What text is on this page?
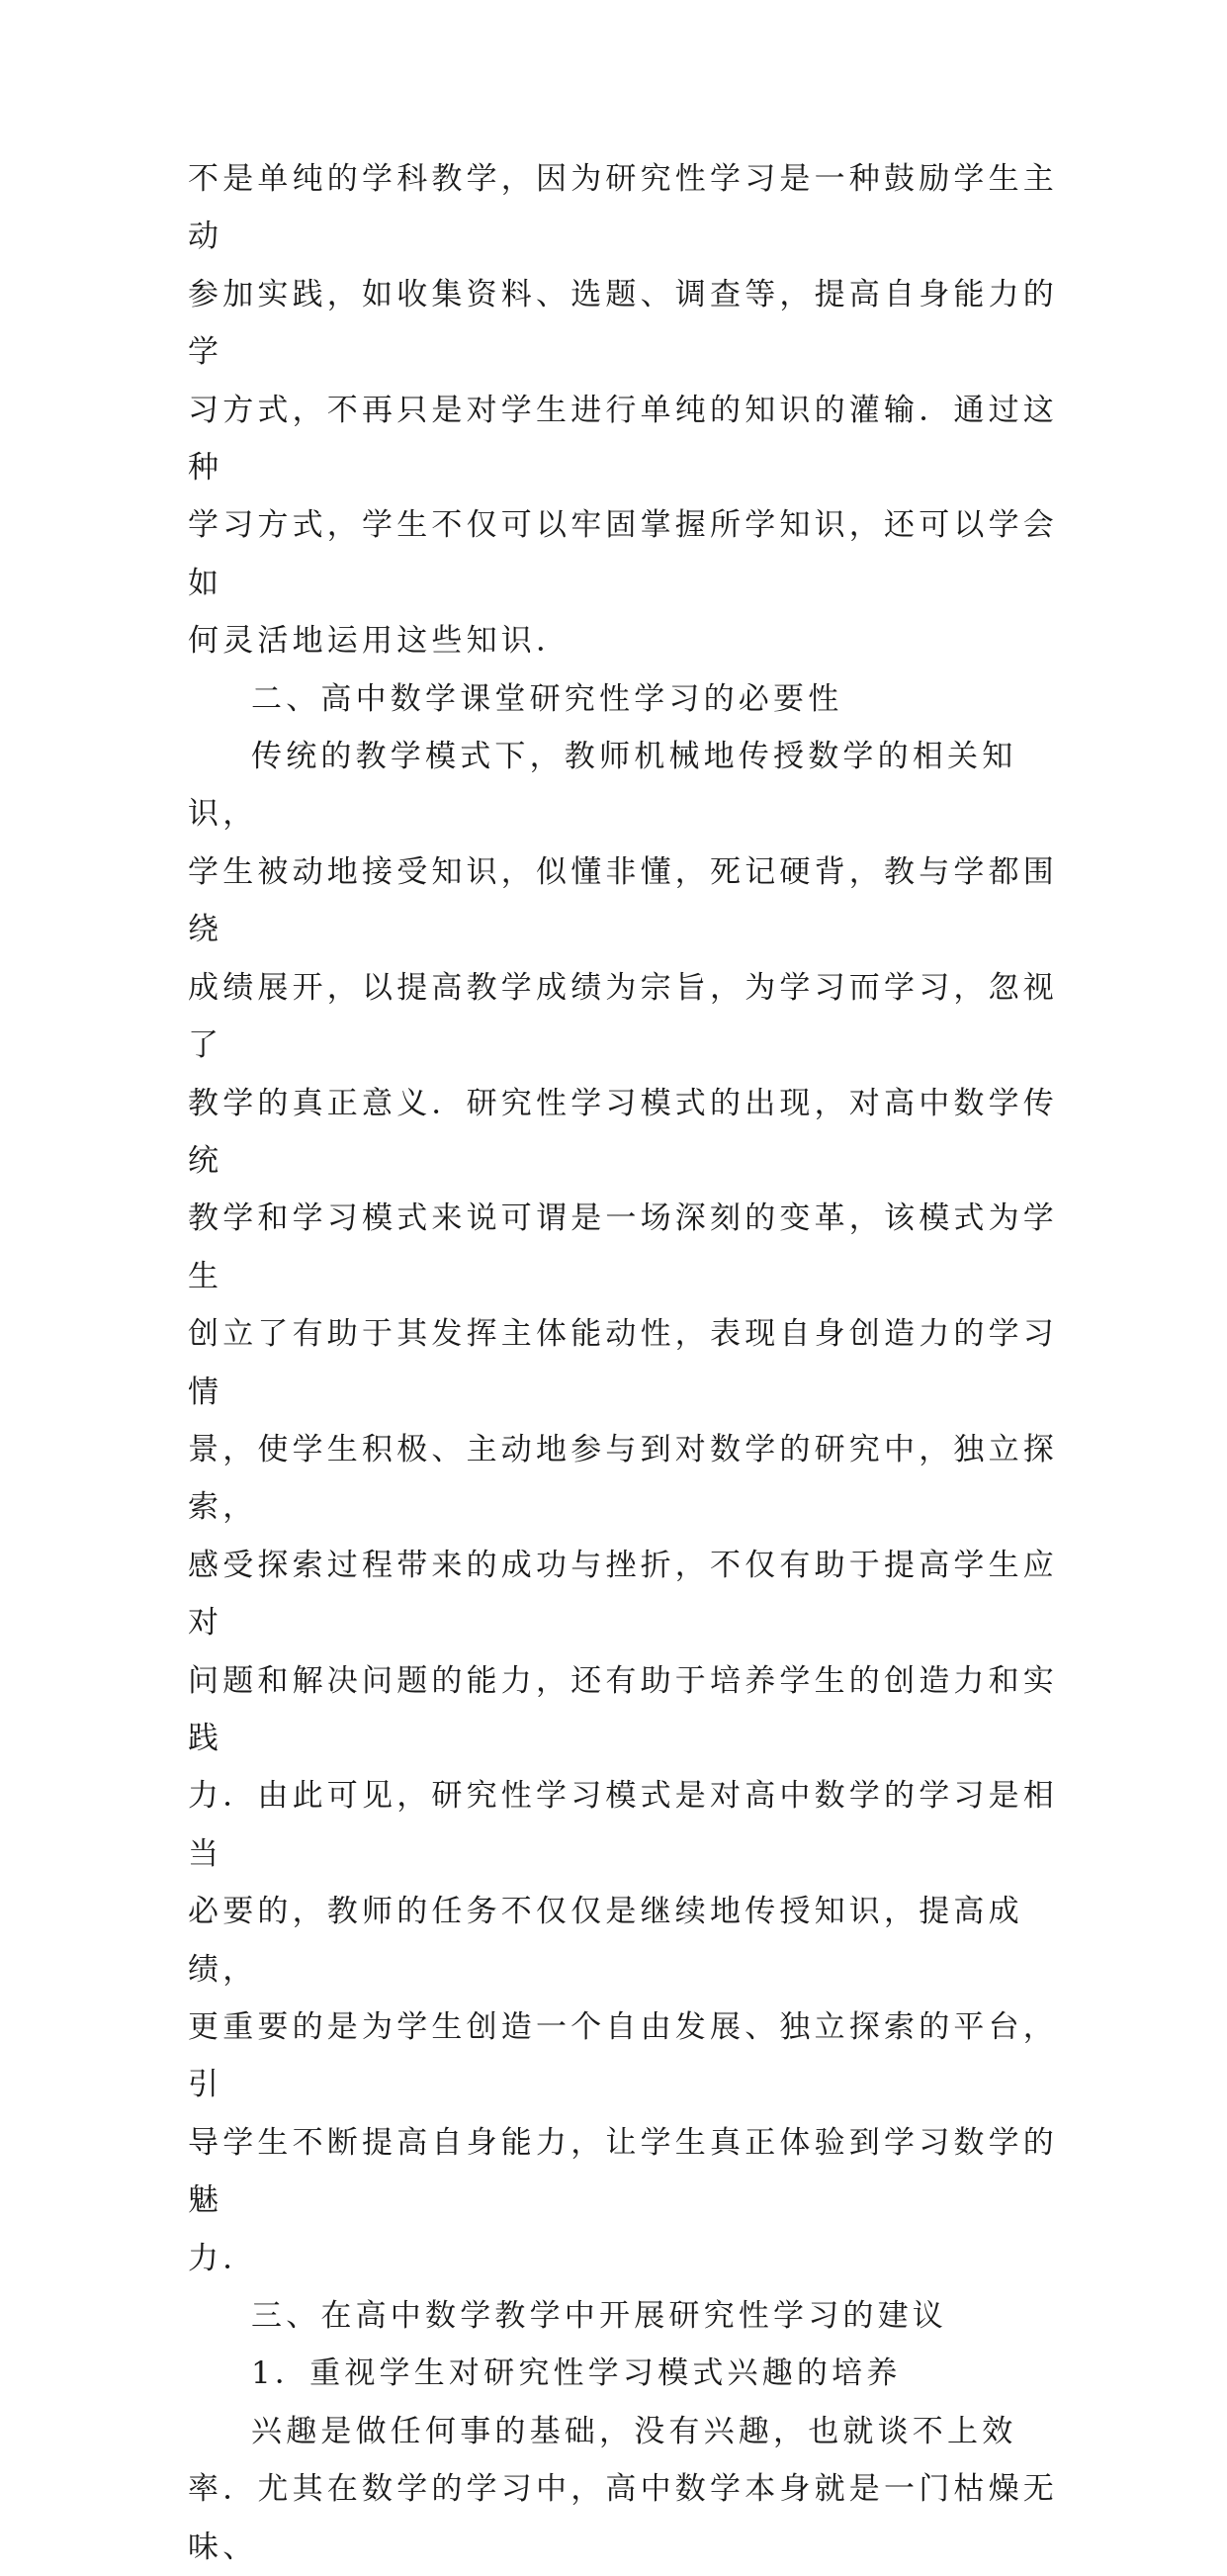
不是单纯的学科教学，因为研究性学习是一种鼓励学生主动
参加实践，如收集资料、选题、调查等，提高自身能力的学
习方式，不再只是对学生进行单纯的知识的灌输．通过这种
学习方式，学生不仅可以牢固掌握所学知识，还可以学会如
何灵活地运用这些知识．

二、高中数学课堂研究性学习的必要性

传统的教学模式下，教师机械地传授数学的相关知识，
学生被动地接受知识，似懂非懂，死记硬背，教与学都围绕
成绩展开，以提高教学成绩为宗旨，为学习而学习，忽视了
教学的真正意义．研究性学习模式的出现，对高中数学传统
教学和学习模式来说可谓是一场深刻的变革，该模式为学生
创立了有助于其发挥主体能动性，表现自身创造力的学习情
景，使学生积极、主动地参与到对数学的研究中，独立探索，
感受探索过程带来的成功与挫折，不仅有助于提高学生应对
问题和解决问题的能力，还有助于培养学生的创造力和实践
力．由此可见，研究性学习模式是对高中数学的学习是相当
必要的，教师的任务不仅仅是继续地传授知识，提高成绩，
更重要的是为学生创造一个自由发展、独立探索的平台，引
导学生不断提高自身能力，让学生真正体验到学习数学的魅
力．

三、在高中数学教学中开展研究性学习的建议

1．重视学生对研究性学习模式兴趣的培养

兴趣是做任何事的基础，没有兴趣，也就谈不上效
率．尤其在数学的学习中，高中数学本身就是一门枯燥无味、
